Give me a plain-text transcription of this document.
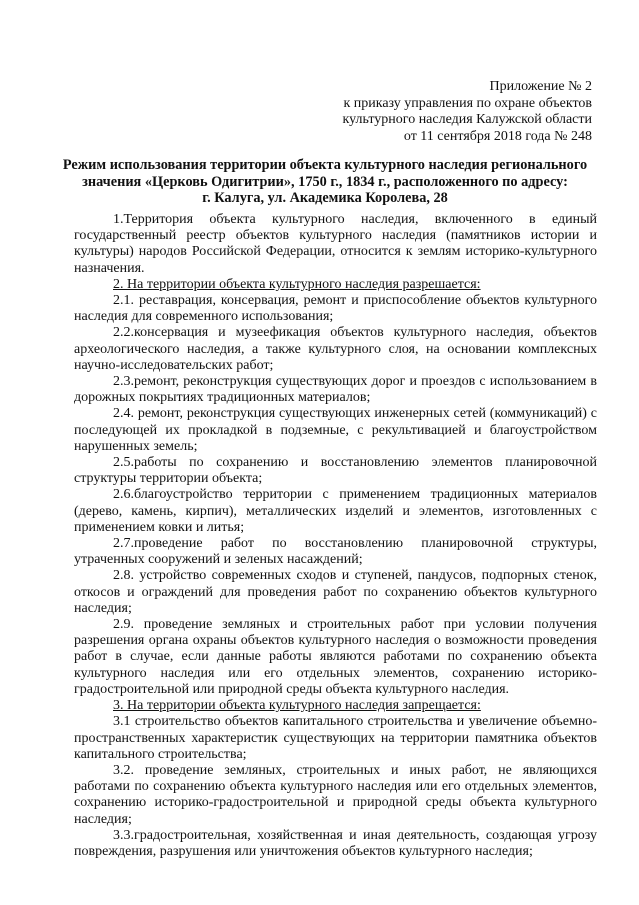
Приложение № 2
к приказу управления по охране объектов
культурного наследия Калужской области
от 11 сентября 2018 года № 248
Режим использования территории объекта культурного наследия регионального
значения «Церковь Одигитрии», 1750 г., 1834 г., расположенного по адресу:
г. Калуга, ул. Академика Королева, 28

1.Территория объекта культурного наследия, включенного в единый государственный реестр объектов культурного наследия (памятников истории и культуры) народов Российской Федерации, относится к землям историко-культурного назначения.

2. На территории объекта культурного наследия разрешается:

2.1. реставрация, консервация, ремонт и приспособление объектов культурного наследия для современного использования;

2.2.консервация и музеефикация объектов культурного наследия, объектов археологического наследия, а также культурного слоя, на основании комплексных научно-исследовательских работ;

2.3.ремонт, реконструкция существующих дорог и проездов с использованием в дорожных покрытиях традиционных материалов;

2.4. ремонт, реконструкция существующих инженерных сетей (коммуникаций) с последующей их прокладкой в подземные, с рекультивацией и благоустройством нарушенных земель;

2.5.работы по сохранению и восстановлению элементов планировочной структуры территории объекта;

2.6.благоустройство территории с применением традиционных материалов (дерево, камень, кирпич), металлических изделий и элементов, изготовленных с применением ковки и литья;

2.7.проведение работ по восстановлению планировочной структуры, утраченных сооружений и зеленых насаждений;

2.8. устройство современных сходов и ступеней, пандусов, подпорных стенок, откосов и ограждений для проведения работ по сохранению объектов культурного наследия;

2.9. проведение земляных и строительных работ при условии получения разрешения органа охраны объектов культурного наследия о возможности проведения работ в случае, если данные работы являются работами по сохранению объекта культурного наследия или его отдельных элементов, сохранению историко-градостроительной или природной среды объекта культурного наследия.

3. На территории объекта культурного наследия запрещается:

3.1 строительство объектов капитального строительства и увеличение объемно-пространственных характеристик существующих на территории памятника объектов капитального строительства;

3.2. проведение земляных, строительных и иных работ, не являющихся работами по сохранению объекта культурного наследия или его отдельных элементов, сохранению историко-градостроительной и природной среды объекта культурного наследия;

3.3.градостроительная, хозяйственная и иная деятельность, создающая угрозу повреждения, разрушения или уничтожения объектов культурного наследия;
